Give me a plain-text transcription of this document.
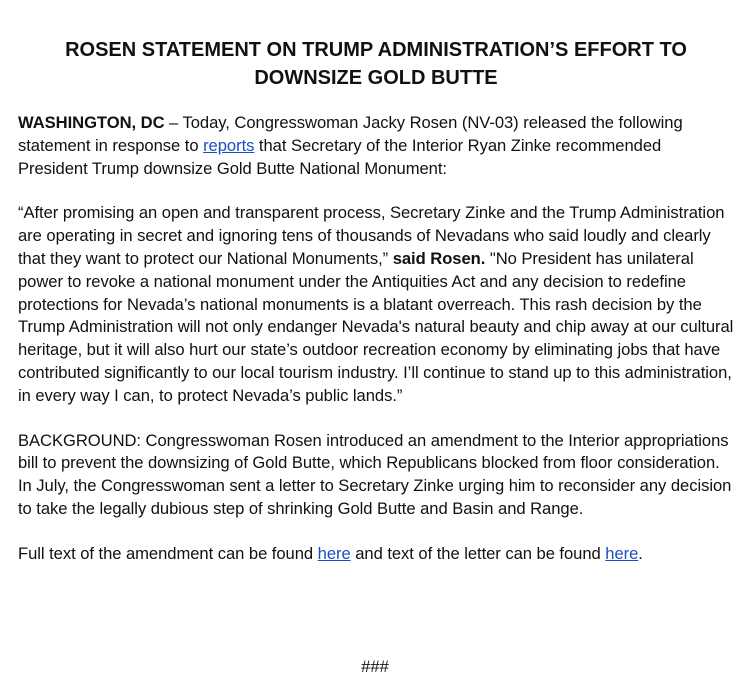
ROSEN STATEMENT ON TRUMP ADMINISTRATION’S EFFORT TO
DOWNSIZE GOLD BUTTE

WASHINGTON, DC – Today, Congresswoman Jacky Rosen (NV-03) released the following statement in response to reports that Secretary of the Interior Ryan Zinke recommended President Trump downsize Gold Butte National Monument:

“After promising an open and transparent process, Secretary Zinke and the Trump Administration are operating in secret and ignoring tens of thousands of Nevadans who said loudly and clearly that they want to protect our National Monuments,” said Rosen. "No President has unilateral power to revoke a national monument under the Antiquities Act and any decision to redefine protections for Nevada’s national monuments is a blatant overreach. This rash decision by the Trump Administration will not only endanger Nevada's natural beauty and chip away at our cultural heritage, but it will also hurt our state’s outdoor recreation economy by eliminating jobs that have contributed significantly to our local tourism industry. I’ll continue to stand up to this administration, in every way I can, to protect Nevada’s public lands.”

BACKGROUND: Congresswoman Rosen introduced an amendment to the Interior appropriations bill to prevent the downsizing of Gold Butte, which Republicans blocked from floor consideration. In July, the Congresswoman sent a letter to Secretary Zinke urging him to reconsider any decision to take the legally dubious step of shrinking Gold Butte and Basin and Range.

Full text of the amendment can be found here and text of the letter can be found here.

###
